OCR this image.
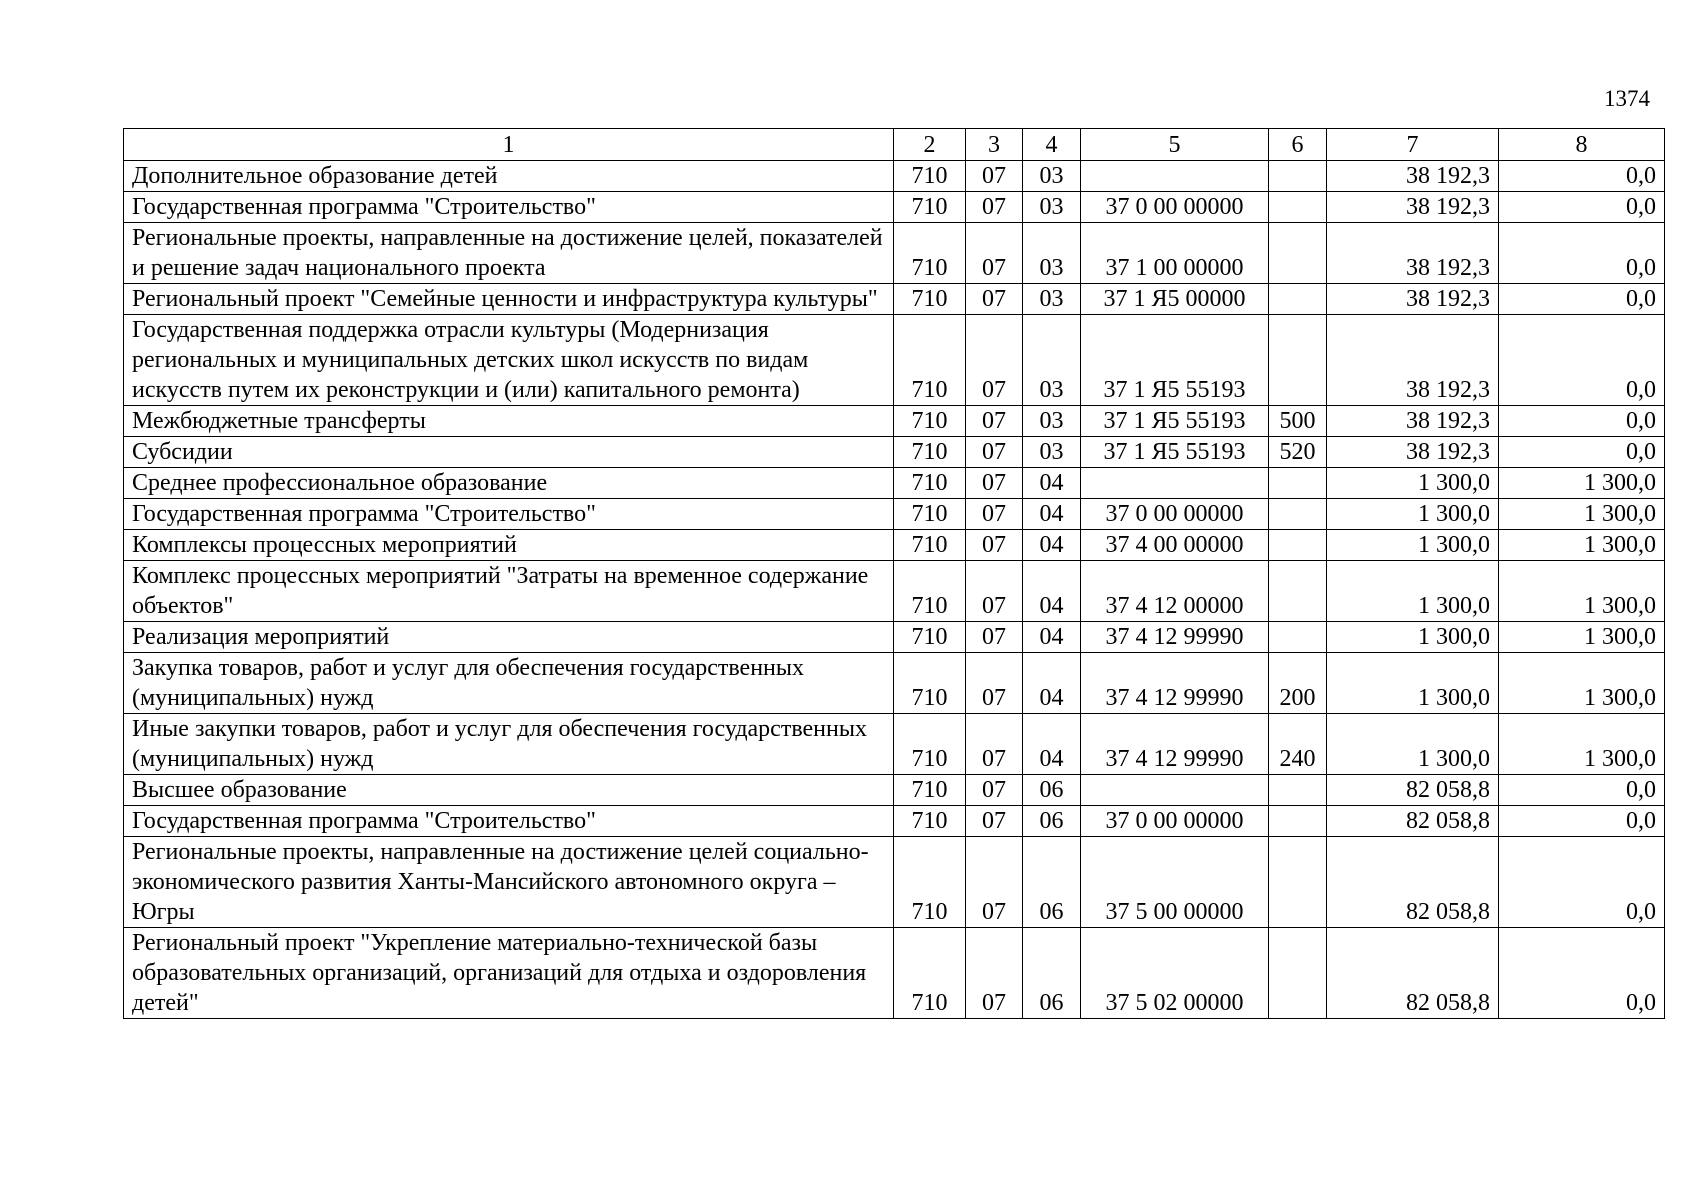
1374
1	2	3	4	5	6	7	8
Дополнительное образование детей	710	07	03			38 192,3	0,0
Государственная программа "Строительство"	710	07	03	37 0 00 00000		38 192,3	0,0
Региональные проекты, направленные на достижение целей, показателей и решение задач национального проекта	710	07	03	37 1 00 00000		38 192,3	0,0
Региональный проект "Семейные ценности и инфраструктура культуры"	710	07	03	37 1 Я5 00000		38 192,3	0,0
Государственная поддержка отрасли культуры (Модернизация региональных и муниципальных детских школ искусств по видам искусств путем их реконструкции и (или) капитального ремонта)	710	07	03	37 1 Я5 55193		38 192,3	0,0
Межбюджетные трансферты	710	07	03	37 1 Я5 55193	500	38 192,3	0,0
Субсидии	710	07	03	37 1 Я5 55193	520	38 192,3	0,0
Среднее профессиональное образование	710	07	04			1 300,0	1 300,0
Государственная программа "Строительство"	710	07	04	37 0 00 00000		1 300,0	1 300,0
Комплексы процессных мероприятий	710	07	04	37 4 00 00000		1 300,0	1 300,0
Комплекс процессных мероприятий "Затраты на временное содержание объектов"	710	07	04	37 4 12 00000		1 300,0	1 300,0
Реализация мероприятий	710	07	04	37 4 12 99990		1 300,0	1 300,0
Закупка товаров, работ и услуг для обеспечения государственных (муниципальных) нужд	710	07	04	37 4 12 99990	200	1 300,0	1 300,0
Иные закупки товаров, работ и услуг для обеспечения государственных (муниципальных) нужд	710	07	04	37 4 12 99990	240	1 300,0	1 300,0
Высшее образование	710	07	06			82 058,8	0,0
Государственная программа "Строительство"	710	07	06	37 0 00 00000		82 058,8	0,0
Региональные проекты, направленные на достижение целей социально-экономического развития Ханты-Мансийского автономного округа – Югры	710	07	06	37 5 00 00000		82 058,8	0,0
Региональный проект "Укрепление материально-технической базы образовательных организаций, организаций для отдыха и оздоровления детей"	710	07	06	37 5 02 00000		82 058,8	0,0
